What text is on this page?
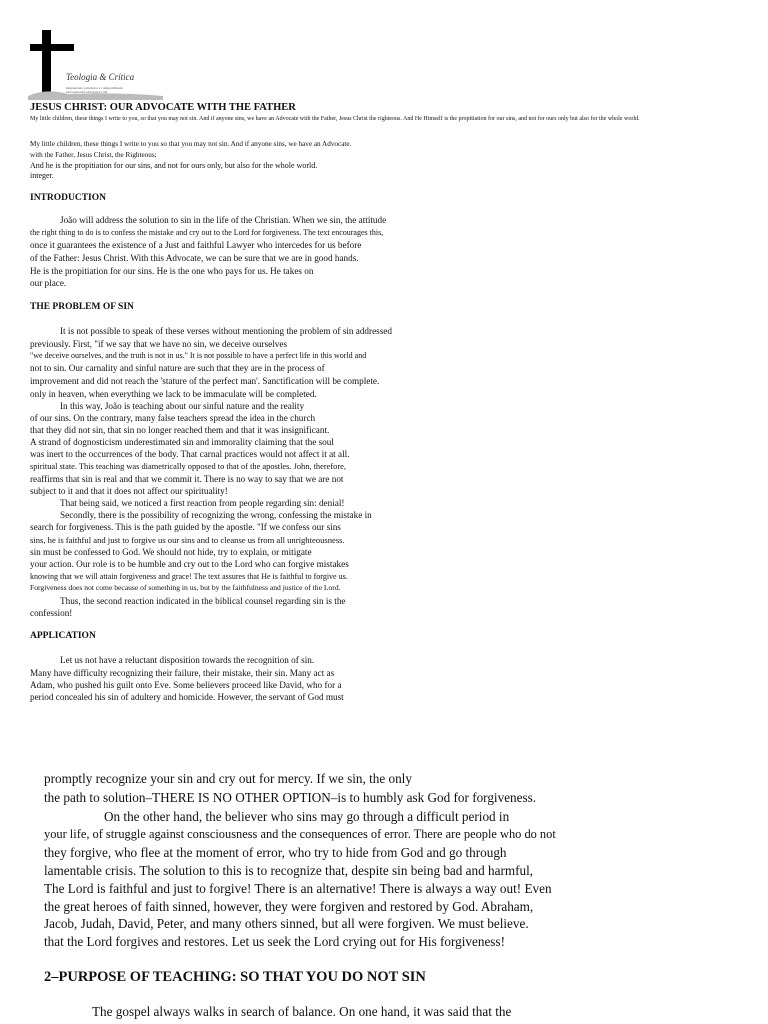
Teologia & Crítica
Defendendo princípios e compartilhando
teologiaecritica.blogspot.com
JESUS CHRIST: OUR ADVOCATE WITH THE FATHER
My little children, these things I write to you, so that you may not sin. And if anyone sins, we have an Advocate with the Father, Jesus Christ the righteous. And He Himself is the propitiation for our sins, and not for ours only but also for the whole world.
My little children, these things I write to you so that you may not sin. And if anyone sins, we have an Advocate.
with the Father, Jesus Christ, the Righteous;
And he is the propitiation for our sins, and not for ours only, but also for the whole world.
integer.
INTRODUCTION
João will address the solution to sin in the life of the Christian. When we sin, the attitude
the right thing to do is to confess the mistake and cry out to the Lord for forgiveness. The text encourages this,
once it guarantees the existence of a Just and faithful Lawyer who intercedes for us before
of the Father: Jesus Christ. With this Advocate, we can be sure that we are in good hands.
He is the propitiation for our sins. He is the one who pays for us. He takes on
our place.
THE PROBLEM OF SIN
It is not possible to speak of these verses without mentioning the problem of sin addressed
previously. First, "if we say that we have no sin, we deceive ourselves
"we deceive ourselves, and the truth is not in us." It is not possible to have a perfect life in this world and
not to sin. Our carnality and sinful nature are such that they are in the process of
improvement and did not reach the 'stature of the perfect man'. Sanctification will be complete.
only in heaven, when everything we lack to be immaculate will be completed.
In this way, João is teaching about our sinful nature and the reality
of our sins. On the contrary, many false teachers spread the idea in the church
that they did not sin, that sin no longer reached them and that it was insignificant.
A strand of dognosticism underestimated sin and immorality claiming that the soul
was inert to the occurrences of the body. That carnal practices would not affect it at all.
spiritual state. This teaching was diametrically opposed to that of the apostles. John, therefore,
reaffirms that sin is real and that we commit it. There is no way to say that we are not
subject to it and that it does not affect our spirituality!
That being said, we noticed a first reaction from people regarding sin: denial!
Secondly, there is the possibility of recognizing the wrong, confessing the mistake in
search for forgiveness. This is the path guided by the apostle. "If we confess our sins
sins, he is faithful and just to forgive us our sins and to cleanse us from all unrighteousness.
sin must be confessed to God. We should not hide, try to explain, or mitigate
your action. Our role is to be humble and cry out to the Lord who can forgive mistakes
knowing that we will attain forgiveness and grace! The text assures that He is faithful to forgive us.
Forgiveness does not come because of something in us, but by the faithfulness and justice of the Lord.
Thus, the second reaction indicated in the biblical counsel regarding sin is the
confession!
APPLICATION
Let us not have a reluctant disposition towards the recognition of sin.
Many have difficulty recognizing their failure, their mistake, their sin. Many act as
Adam, who pushed his guilt onto Eve. Some believers proceed like David, who for a
period concealed his sin of adultery and homicide. However, the servant of God must
promptly recognize your sin and cry out for mercy. If we sin, the only
the path to solution–THERE IS NO OTHER OPTION–is to humbly ask God for forgiveness.
On the other hand, the believer who sins may go through a difficult period in
your life, of struggle against consciousness and the consequences of error. There are people who do not
they forgive, who flee at the moment of error, who try to hide from God and go through
lamentable crisis. The solution to this is to recognize that, despite sin being bad and harmful,
The Lord is faithful and just to forgive! There is an alternative! There is always a way out! Even
the great heroes of faith sinned, however, they were forgiven and restored by God. Abraham,
Jacob, Judah, David, Peter, and many others sinned, but all were forgiven. We must believe.
that the Lord forgives and restores. Let us seek the Lord crying out for His forgiveness!
2–PURPOSE OF TEACHING: SO THAT YOU DO NOT SIN
The gospel always walks in search of balance. On one hand, it was said that the
